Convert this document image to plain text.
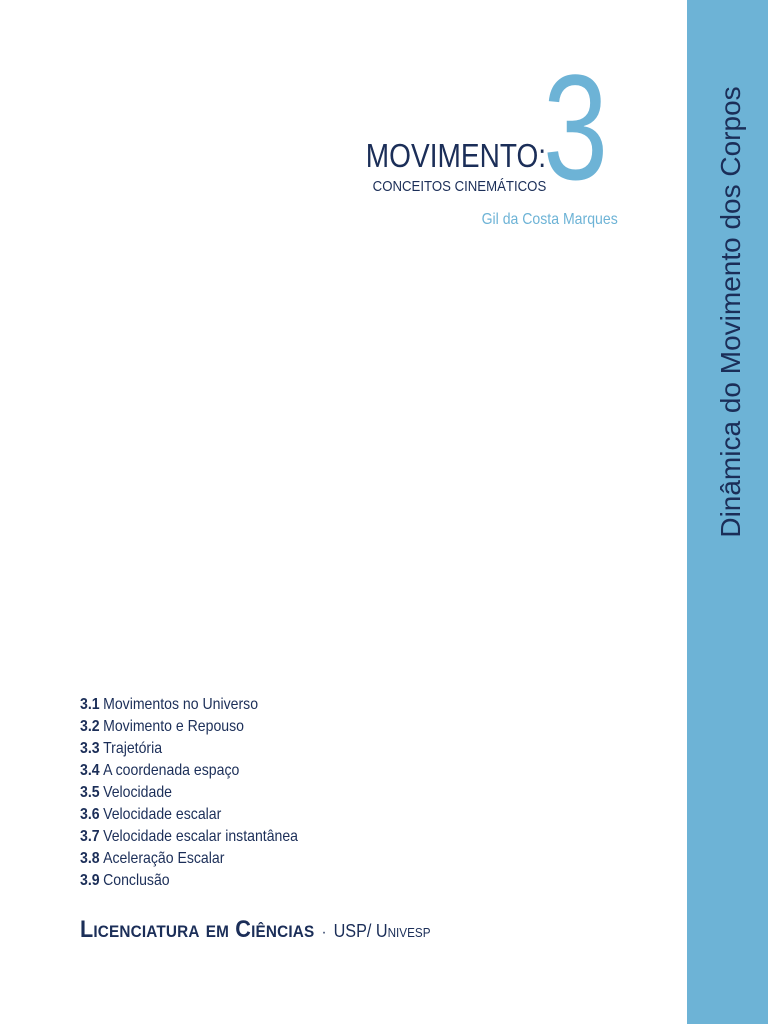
Dinâmica do Movimento dos Corpos
3
MOVIMENTO:
CONCEITOS CINEMÁTICOS
Gil da Costa Marques
3.1 Movimentos no Universo
3.2 Movimento e Repouso
3.3 Trajetória
3.4 A coordenada espaço
3.5 Velocidade
3.6 Velocidade escalar
3.7 Velocidade escalar instantânea
3.8 Aceleração Escalar
3.9 Conclusão
Licenciatura em Ciências · USP/ Univesp
